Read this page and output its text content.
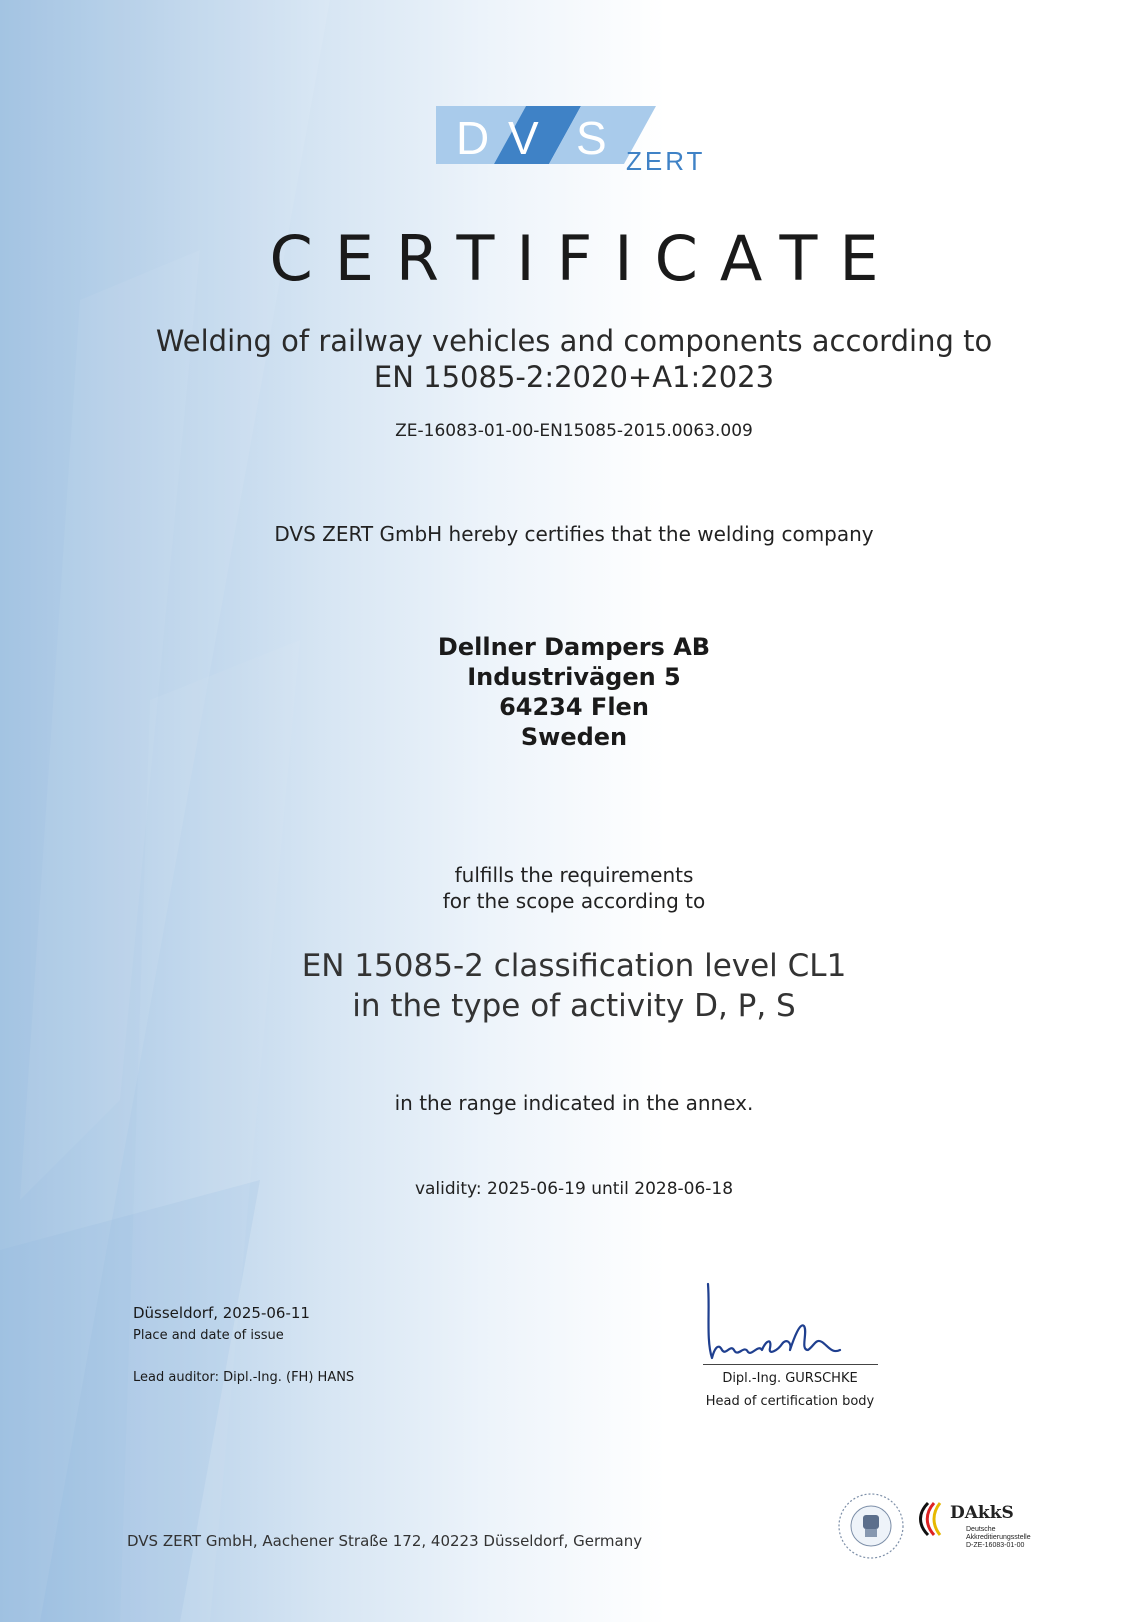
D V S ZERT
CERTIFICATE
Welding of railway vehicles and components according to
EN 15085-2:2020+A1:2023
ZE-16083-01-00-EN15085-2015.0063.009
DVS ZERT GmbH hereby certifies that the welding company
Dellner Dampers AB
Industrivägen 5
64234 Flen
Sweden
fulfills the requirements
for the scope according to
EN 15085-2 classification level CL1
in the type of activity D, P, S
in the range indicated in the annex.
validity: 2025-06-19 until 2028-06-18
Düsseldorf, 2025-06-11
Place and date of issue
Lead auditor: Dipl.-Ing. (FH) HANS	Dipl.-Ing. GURSCHKE
Head of certification body
DAkkS
Deutsche
Akkreditierungsstelle
D-ZE-16083-01-00
DVS ZERT GmbH, Aachener Straße 172, 40223 Düsseldorf, Germany
